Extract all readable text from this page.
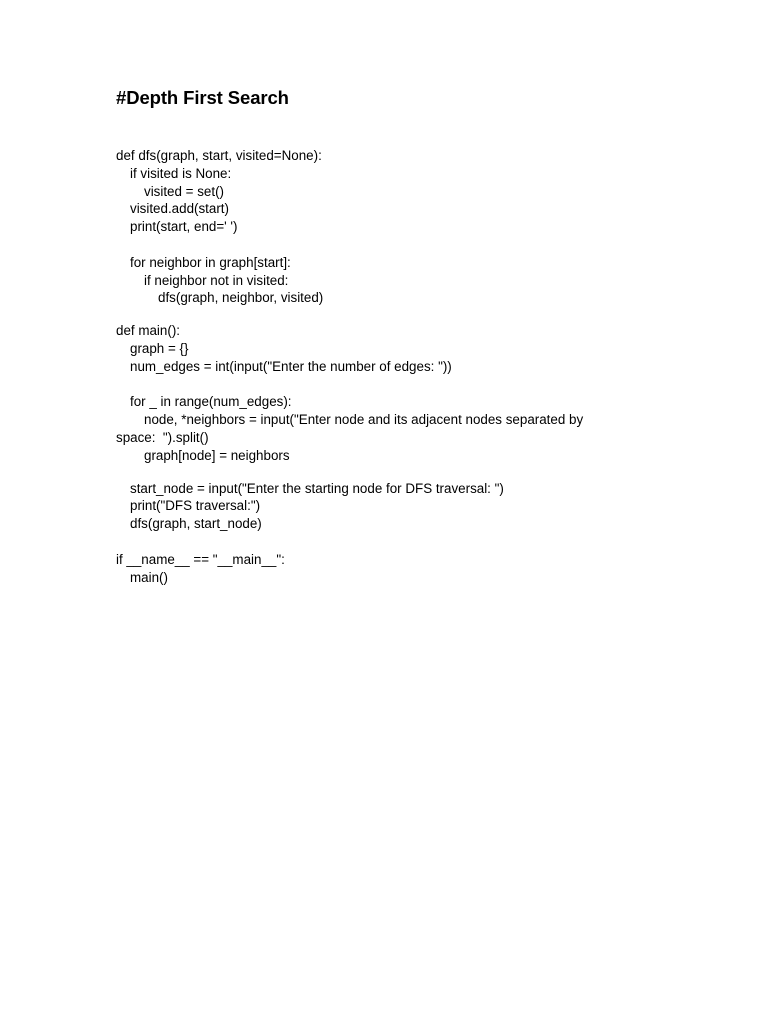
#Depth First Search
def dfs(graph, start, visited=None):
if visited is None:
visited = set()
visited.add(start)
print(start, end=' ')
for neighbor in graph[start]:
if neighbor not in visited:
dfs(graph, neighbor, visited)
def main():
graph = {}
num_edges = int(input("Enter the number of edges: "))
for _ in range(num_edges):
node, *neighbors = input("Enter node and its adjacent nodes separated by
space:  ").split()
graph[node] = neighbors
start_node = input("Enter the starting node for DFS traversal: ")
print("DFS traversal:")
dfs(graph, start_node)
if __name__ == "__main__":
main()
